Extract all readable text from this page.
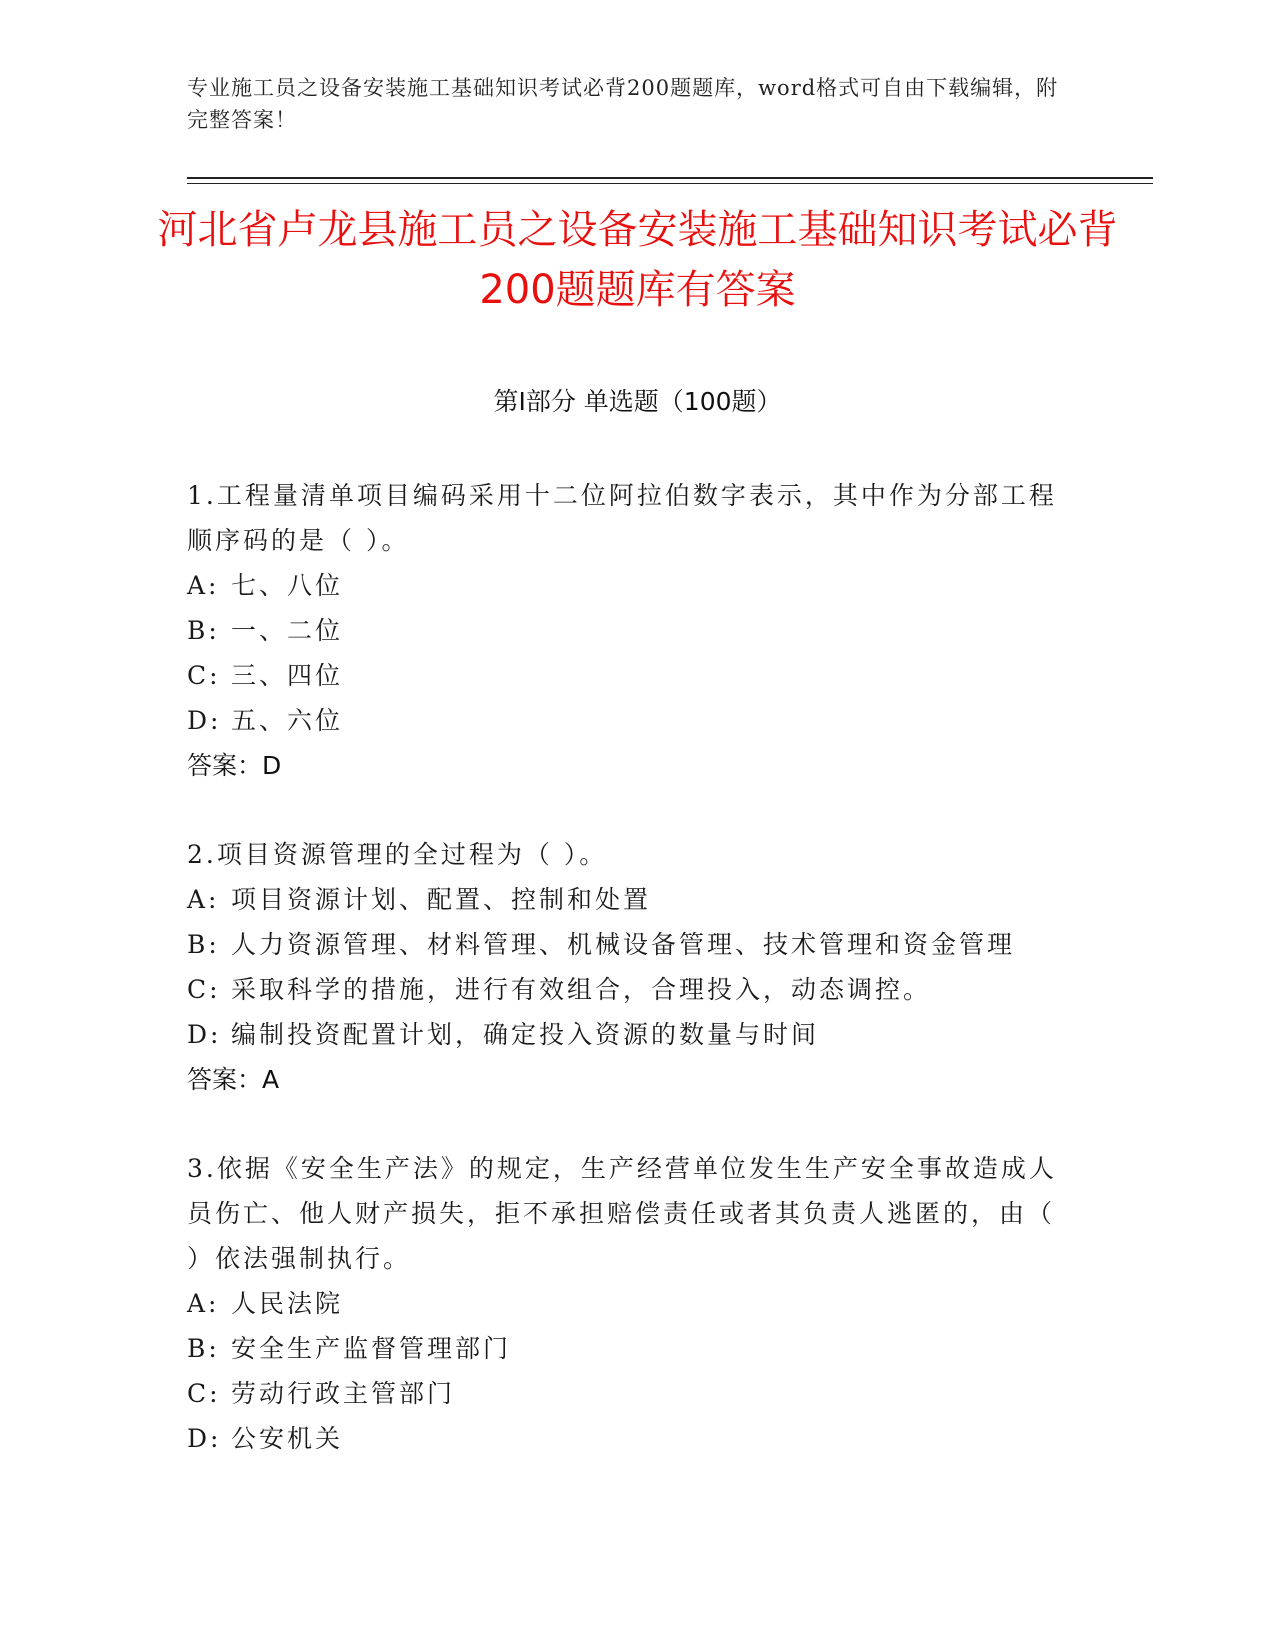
专业施工员之设备安装施工基础知识考试必背200题题库，word格式可自由下载编辑，附完整答案！
河北省卢龙县施工员之设备安装施工基础知识考试必背200题题库有答案
第Ⅰ部分 单选题（100题）
1.工程量清单项目编码采用十二位阿拉伯数字表示，其中作为分部工程顺序码的是（ ）。
A: 七、八位
B: 一、二位
C: 三、四位
D: 五、六位
答案：D
2.项目资源管理的全过程为（ ）。
A: 项目资源计划、配置、控制和处置
B: 人力资源管理、材料管理、机械设备管理、技术管理和资金管理
C: 采取科学的措施，进行有效组合，合理投入，动态调控。
D: 编制投资配置计划，确定投入资源的数量与时间
答案：A
3.依据《安全生产法》的规定，生产经营单位发生生产安全事故造成人员伤亡、他人财产损失，拒不承担赔偿责任或者其负责人逃匿的，由（ ）依法强制执行。
A: 人民法院
B: 安全生产监督管理部门
C: 劳动行政主管部门
D: 公安机关
